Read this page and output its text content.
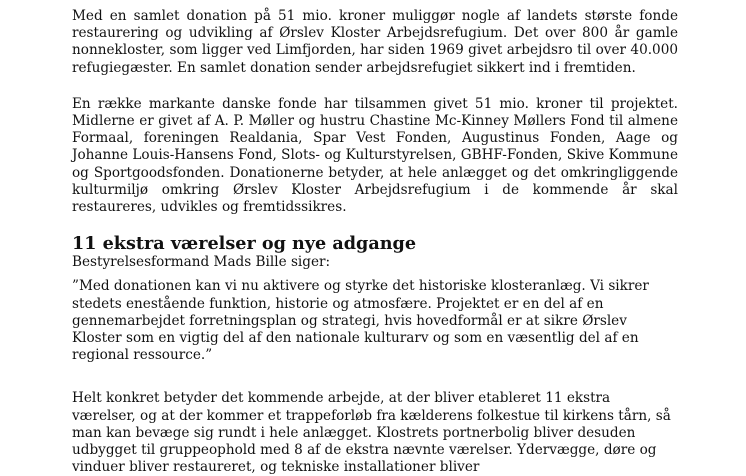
Med en samlet donation på 51 mio. kroner muliggør nogle af landets største fonde restaurering og udvikling af Ørslev Kloster Arbejdsrefugium. Det over 800 år gamle nonnekloster, som ligger ved Limfjorden, har siden 1969 givet arbejdsro til over 40.000 refugiegæster. En samlet donation sender arbejdsrefugiet sikkert ind i fremtiden.

En række markante danske fonde har tilsammen givet 51 mio. kroner til projektet. Midlerne er givet af A. P. Møller og hustru Chastine Mc-Kinney Møllers Fond til almene Formaal, foreningen Realdania, Spar Vest Fonden, Augustinus Fonden, Aage og Johanne Louis-Hansens Fond, Slots- og Kulturstyrelsen, GBHF-Fonden, Skive Kommune og Sportgoodsfonden. Donationerne betyder, at hele anlægget og det omkringliggende kulturmiljø omkring Ørslev Kloster Arbejdsrefugium i de kommende år skal restaureres, udvikles og fremtidssikres.

11 ekstra værelser og nye adgange

Bestyrelsesformand Mads Bille siger:

”Med donationen kan vi nu aktivere og styrke det historiske klosteranlæg. Vi sikrer stedets enestående funktion, historie og atmosfære. Projektet er en del af en gennemarbejdet forretningsplan og strategi, hvis hovedformål er at sikre Ørslev Kloster som en vigtig del af den nationale kulturarv og som en væsentlig del af en regional ressource.”

Helt konkret betyder det kommende arbejde, at der bliver etableret 11 ekstra værelser, og at der kommer et trappeforløb fra kælderens folkestue til kirkens tårn, så man kan bevæge sig rundt i hele anlægget. Klostrets portnerbolig bliver desuden udbygget til gruppeophold med 8 af de ekstra nævnte værelser. Ydervægge, døre og vinduer bliver restaureret, og tekniske installationer bliver
